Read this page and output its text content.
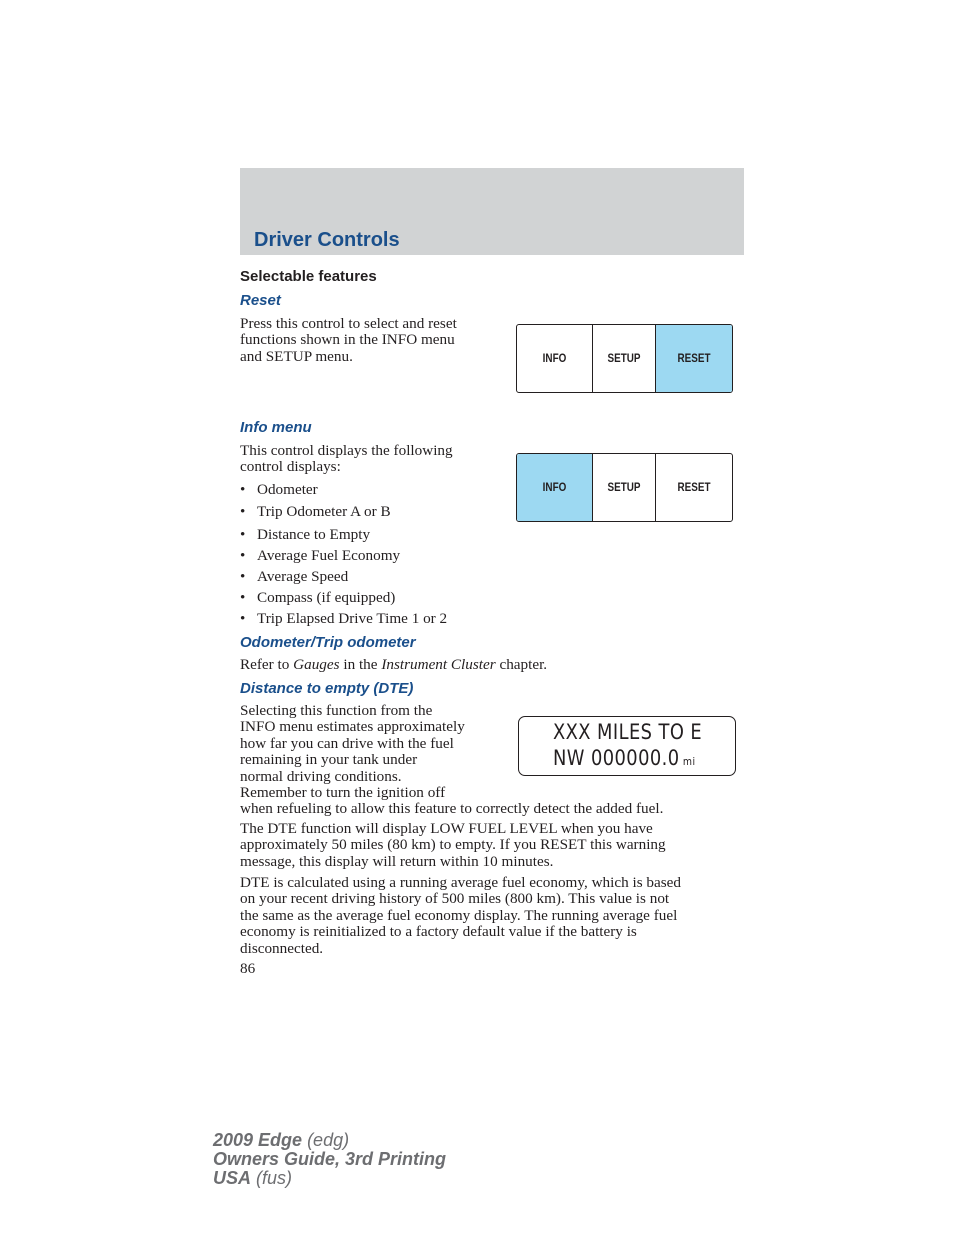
Driver Controls
Selectable features
Reset
Press this control to select and reset
functions shown in the INFO menu
and SETUP menu.	INFO	SETUP	RESET
Info menu
This control displays the following
control displays:
INFO	SETUP	RESET
• Odometer
• Trip Odometer A or B
• Distance to Empty
• Average Fuel Economy
• Average Speed
• Compass (if equipped)
• Trip Elapsed Drive Time 1 or 2
Odometer/Trip odometer
Refer to Gauges in the Instrument Cluster chapter.
Distance to empty (DTE)
Selecting this function from the
INFO menu estimates approximately
how far you can drive with the fuel
remaining in your tank under
normal driving conditions.
Remember to turn the ignition off
when refueling to allow this feature to correctly detect the added fuel.
XXX MILES TO E
NW 000000.0 mi
The DTE function will display LOW FUEL LEVEL when you have
approximately 50 miles (80 km) to empty. If you RESET this warning
message, this display will return within 10 minutes.
DTE is calculated using a running average fuel economy, which is based
on your recent driving history of 500 miles (800 km). This value is not
the same as the average fuel economy display. The running average fuel
economy is reinitialized to a factory default value if the battery is
disconnected.
86
2009 Edge (edg)
Owners Guide, 3rd Printing
USA (fus)
